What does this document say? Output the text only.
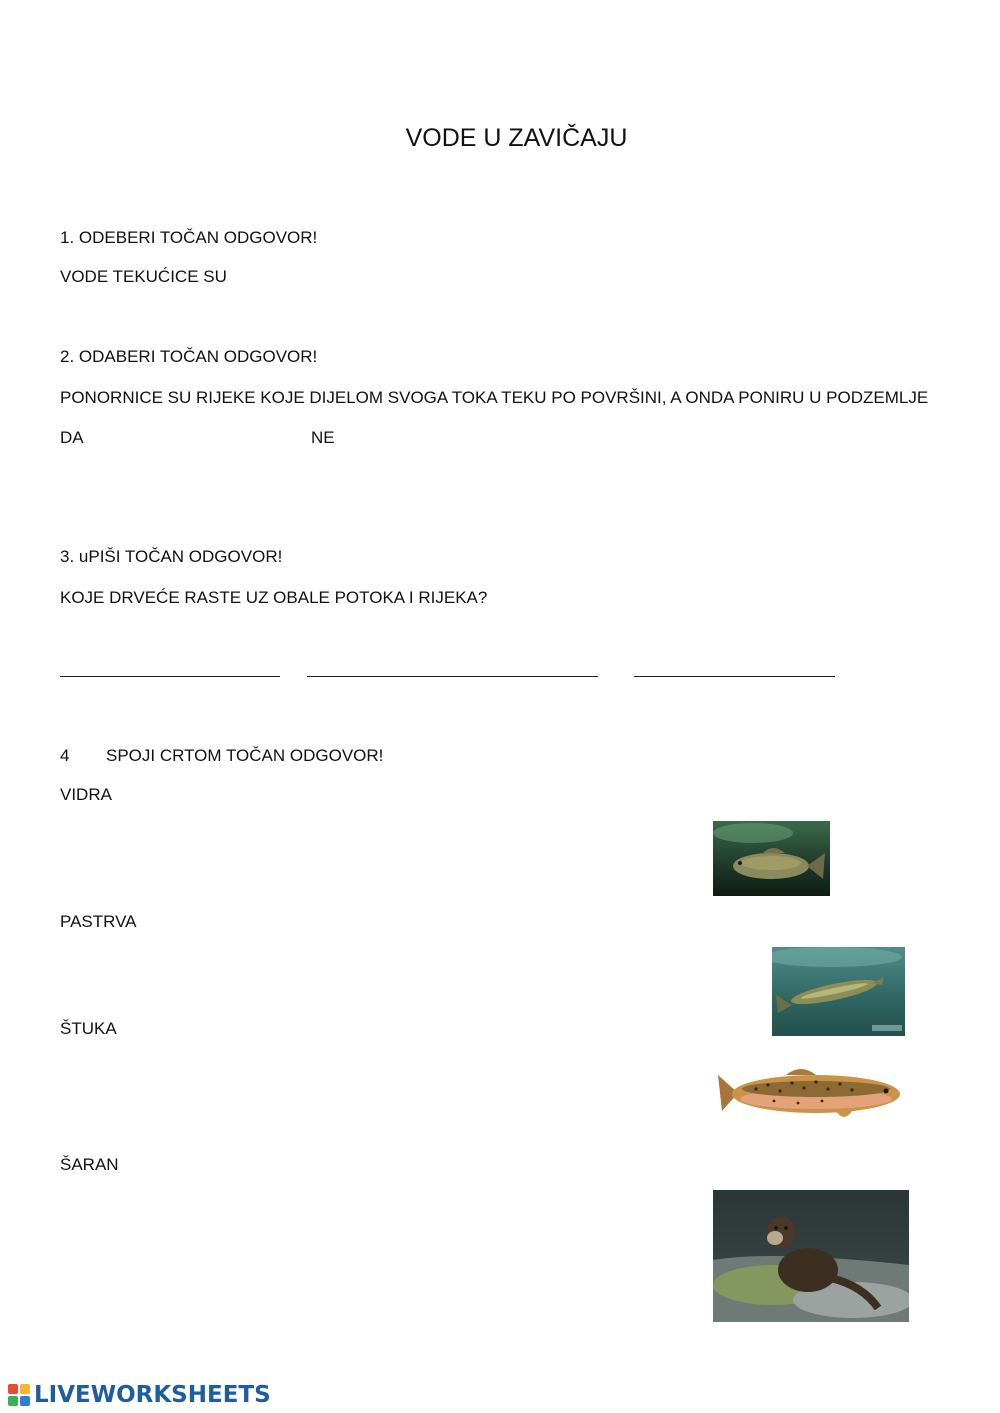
VODE U ZAVIČAJU
1. ODEBERI TOČAN ODGOVOR!
VODE TEKUĆICE SU
2. ODABERI TOČAN ODGOVOR!
PONORNICE SU RIJEKE KOJE DIJELOM SVOGA TOKA TEKU PO POVRŠINI, A ONDA PONIRU U PODZEMLJE
DA	NE
3. uPIŠI TOČAN ODGOVOR!
KOJE DRVEĆE RASTE UZ OBALE POTOKA I RIJEKA?
4 SPOJI CRTOM TOČAN ODGOVOR!
VIDRA
PASTRVA
ŠTUKA
ŠARAN
LIVEWORKSHEETS
